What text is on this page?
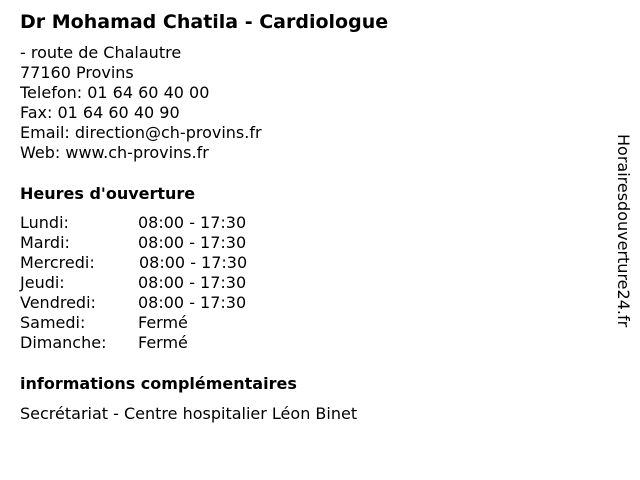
Dr Mohamad Chatila - Cardiologue
- route de Chalautre
77160 Provins
Telefon: 01 64 60 40 00
Fax: 01 64 60 40 90
Email: direction@ch-provins.fr
Web: www.ch-provins.fr
Heures d'ouverture
Lundi:	08:00 - 17:30
Mardi:	08:00 - 17:30
Mercredi:	08:00 - 17:30
Jeudi:	08:00 - 17:30
Vendredi:	08:00 - 17:30
Samedi:	Fermé
Dimanche: Fermé
informations complémentaires
Secrétariat - Centre hospitalier Léon Binet
Horairesdouverture24.fr
